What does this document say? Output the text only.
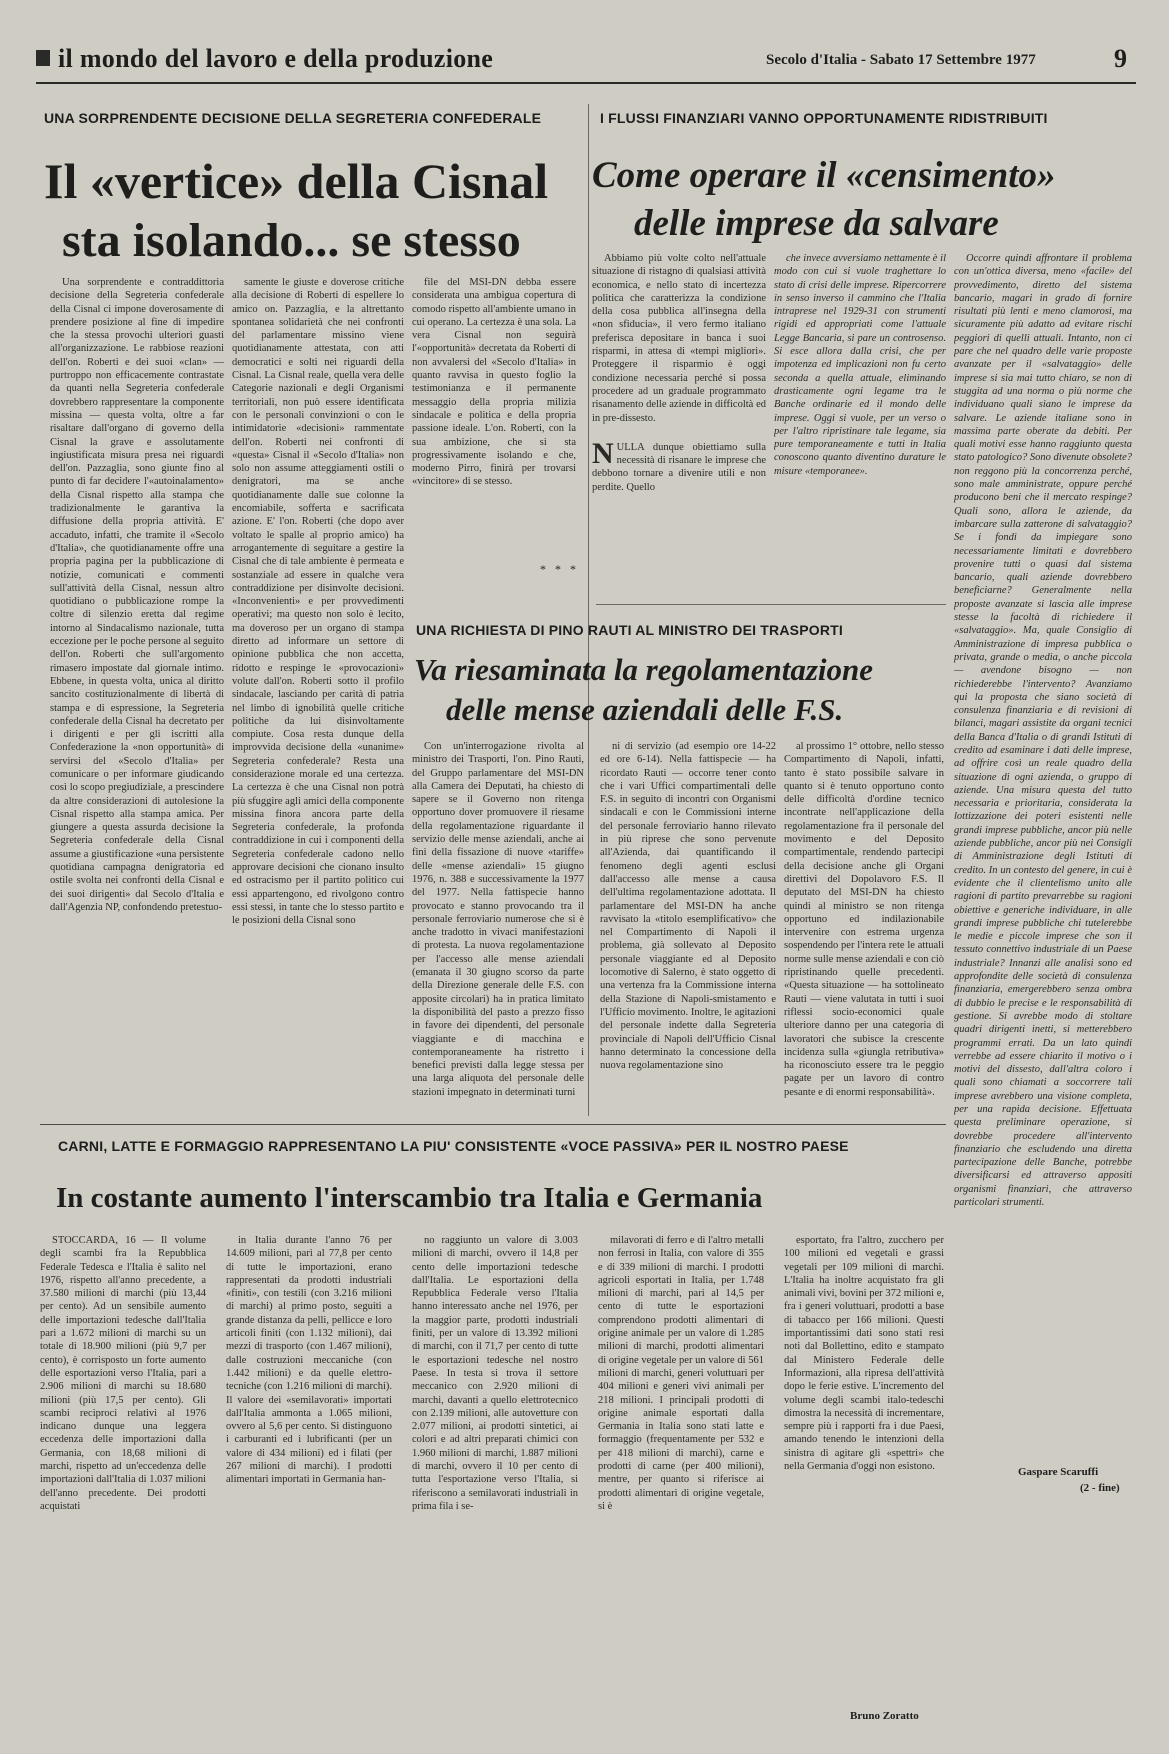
il mondo del lavoro e della produzione	Secolo d'Italia - Sabato 17 Settembre 1977	9
UNA SORPRENDENTE DECISIONE DELLA SEGRETERIA CONFEDERALE
Il «vertice» della Cisnal
sta isolando... se stesso

Una sorprendente e contraddittoria decisione della Segreteria confederale della Cisnal ci impone doverosamente di prendere posizione al fine di impedire che la stessa provochi ulteriori guasti all'organizzazione. Le rabbiose reazioni dell'on. Roberti e dei suoi «clan» — purtroppo non efficacemente contrastate da quanti nella Segreteria confederale dovrebbero rappresentare la componente missina — questa volta, oltre a far risaltare dall'organo di governo della Cisnal la grave e assolutamente ingiustificata misura presa nei riguardi dell'on. Pazzaglia, sono giunte fino al punto di far decidere l'«autoinalamento» della Cisnal rispetto alla stampa che tradizionalmente le garantiva la diffusione della propria attività. E' accaduto, infatti, che tramite il «Secolo d'Italia», che quotidianamente offre una propria pagina per la pubblicazione di notizie, comunicati e commenti sull'attività della Cisnal, nessun altro quotidiano o pubblicazione rompe la coltre di silenzio eretta dal regime intorno al Sindacalismo nazionale, tutta eccezione per le poche persone al seguito dell'on. Roberti che sull'argomento rimasero impostate dal giornale intimo. Ebbene, in questa volta, unica al diritto sancito costituzionalmente di libertà di stampa e di espressione, la Segreteria confederale della Cisnal ha decretato per i dirigenti e per gli iscritti alla Confederazione la «non opportunità» di servirsi del «Secolo d'Italia» per comunicare o per informare giudicando così lo scopo pregiudiziale, a prescindere da altre considerazioni di autolesione la Cisnal rispetto alla stampa amica. Per giungere a questa assurda decisione la Segreteria confederale della Cisnal assume a giustificazione «una persistente quotidiana campagna denigratoria ed ostile svolta nei confronti della Cisnal e dei suoi dirigenti» dal Secolo d'Italia e dall'Agenzia NP, confondendo pretestuo-

samente le giuste e doverose critiche alla decisione di Roberti di espellere lo amico on. Pazzaglia, e la altrettanto spontanea solidarietà che nei confronti del parlamentare missino viene quotidianamente attestata, con atti democratici e solti nei riguardi della Cisnal. La Cisnal reale, quella vera delle Categorie nazionali e degli Organismi territoriali, non può essere identificata con le personali convinzioni o con le intimidatorie «decisioni» rammentate dell'on. Roberti nei confronti di «questa» Cisnal il «Secolo d'Italia» non solo non assume atteggiamenti ostili o denigratori, ma se anche quotidianamente dalle sue colonne la encomiabile, sofferta e sacrificata azione. E' l'on. Roberti (che dopo aver voltato le spalle al proprio amico) ha arrogantemente di seguitare a gestire la Cisnal che di tale ambiente è permeata e sostanziale ad essere in qualche vera contraddizione per disinvolte decisioni. «Inconvenienti» e per provvedimenti operativi; ma questo non solo è lecito, ma doveroso per un organo di stampa diretto ad informare un settore di opinione pubblica che non accetta, ridotto e respinge le «provocazioni» volute dall'on. Roberti sotto il profilo sindacale, lasciando per carità di patria nel limbo di ignobilità quelle critiche politiche da lui disinvoltamente compiute. Cosa resta dunque della improvvida decisione della «unanime» Segreteria confederale? Resta una considerazione morale ed una certezza. La certezza è che una Cisnal non potrà più sfuggire agli amici della componente missina finora ancora parte della Segreteria confederale, la profonda contraddizione in cui i componenti della Segreteria confederale cadono nello approvare decisioni che cionano insulto ed ostracismo per il partito politico cui essi appartengono, ed rivolgono contro essi stessi, in tante che lo stesso partito e le posizioni della Cisnal sono

file del MSI-DN debba essere considerata una ambigua copertura di comodo rispetto all'ambiente umano in cui operano. La certezza è una sola. La vera Cisnal non seguirà l'«opportunità» decretata da Roberti di non avvalersi del «Secolo d'Italia» in quanto ravvisa in questo foglio la testimonianza e il permanente messaggio della propria milizia sindacale e politica e della propria passione ideale. L'on. Roberti, con la sua ambizione, che si sta progressivamente isolando e che, moderno Pirro, finirà per trovarsi «vincitore» di se stesso.

* * *
I FLUSSI FINANZIARI VANNO OPPORTUNAMENTE RIDISTRIBUITI
Come operare il «censimento»
delle imprese da salvare

Abbiamo più volte colto nell'attuale situazione di ristagno di qualsiasi attività economica, e nello stato di incertezza politica che caratterizza la condizione della cosa pubblica all'insegna della «non sfiducia», il vero fermo italiano preferisca depositare in banca i suoi risparmi, in attesa di «tempi migliori». Proteggere il risparmio è oggi condizione necessaria perché si possa procedere ad un graduale programmato risanamento delle aziende in difficoltà ed in pre-dissesto.

NULLA dunque obiettiamo sulla necessità di risanare le imprese che debbono tornare a divenire utili e non perdite. Quello

che invece avversiamo nettamente è il modo con cui si vuole traghettare lo stato di crisi delle imprese. Ripercorrere in senso inverso il cammino che l'Italia intraprese nel 1929-31 con strumenti rigidi ed appropriati come l'attuale Legge Bancaria, si pare un controsenso. Si esce allora dalla crisi, che per impotenza ed implicazioni non fu certo seconda a quella attuale, eliminando drasticamente ogni legame tra le Banche ordinarie ed il mondo delle imprese. Oggi si vuole, per un verso o per l'altro ripristinare tale legame, sia pure temporaneamente e tutti in Italia conoscono quanto diventino durature le misure «temporanee».

Occorre quindi affrontare il problema con un'ottica diversa, meno «facile» del provvedimento, diretto del sistema bancario, magari in grado di fornire risultati più lenti e meno clamorosi, ma sicuramente più adatto ad evitare rischi peggiori di quelli attuali. Intanto, non ci pare che nel quadro delle varie proposte avanzate per il «salvataggio» delle imprese si sia mai tutto chiaro, se non di stuggita ad una norma o più norme che individuano quali siano le imprese da salvare. Le aziende italiane sono in massima parte oberate da debiti. Per quali motivi esse hanno raggiunto questa stato patologico? Sono divenute obsolete? non reggono più la concorrenza perché, sono male amministrate, oppure perché producono beni che il mercato respinge? Quali sono, allora le aziende, da imbarcare sulla zatterone di salvataggio? Se i fondi da impiegare sono necessariamente limitati e dovrebbero provenire tutti o quasi dal sistema bancario, quali aziende dovrebbero beneficiarne? Generalmente nella proposte avanzate si lascia alle imprese stesse la facoltà di richiedere il «salvataggio». Ma, quale Consiglio di Amministrazione di impresa pubblica o privata, grande o media, o anche piccola — avendone bisogno — non richiederebbe l'intervento? Avanziamo qui la proposta che siano società di consulenza finanziaria e di revisioni di bilanci, magari assistite da organi tecnici della Banca d'Italia o di grandi Istituti di credito ad esaminare i dati delle imprese, ad offrire così un reale quadro della situazione di ogni azienda, o gruppo di aziende. Una misura questa del tutto necessaria e prioritaria, considerata la lottizzazione dei poteri esistenti nelle grandi imprese pubbliche, ancor più nelle aziende pubbliche, ancor più nei Consigli di Amministrazione degli Istituti di credito. In un contesto del genere, in cui è evidente che il clientelismo unito alle ragioni di partito prevarrebbe su ragioni obiettive e generiche individuare, in alle grandi imprese pubbliche chi tutelerebbe le medie e piccole imprese che son il tessuto connettivo industriale di un Paese industriale? Innanzi alle analisi sono ed approfondite delle società di consulenza finanziaria, emergerebbero senza ombra di dubbio le precise e le responsabilità di gestione. Si avrebbe modo di stoltare quadri dirigenti inetti, si metterebbero programmi errati. Da un lato quindi verrebbe ad essere chiarito il motivo o i motivi del dissesto, dall'altra coloro i quali sono chiamati a soccorrere tali imprese avrebbero una visione completa, per una rapida decisione. Effettuata questa preliminare operazione, si dovrebbe procedere all'intervento finanziario che escludendo una diretta partecipazione delle Banche, potrebbe diversificarsi ed attraverso appositi organismi finanziari, che attraverso particolari strumenti.

Gaspare Scaruffi
(2 - fine)
UNA RICHIESTA DI PINO RAUTI AL MINISTRO DEI TRASPORTI
Va riesaminata la regolamentazione
delle mense aziendali delle F.S.

Con un'interrogazione rivolta al ministro dei Trasporti, l'on. Pino Rauti, del Gruppo parlamentare del MSI-DN alla Camera dei Deputati, ha chiesto di sapere se il Governo non ritenga opportuno dover promuovere il riesame della regolamentazione riguardante il servizio delle mense aziendali, anche ai fini della fissazione di nuove «tariffe» delle «mense aziendali» 15 giugno 1976, n. 388 e successivamente la 1977 del 1977. Nella fattispecie hanno provocato e stanno provocando tra il personale ferroviario numerose che si è anche tradotto in vivaci manifestazioni di protesta. La nuova regolamentazione per l'accesso alle mense aziendali (emanata il 30 giugno scorso da parte della Direzione generale delle F.S. con apposite circolari) ha in pratica limitato la disponibilità del pasto a prezzo fisso in favore dei dipendenti, del personale viaggiante e di macchina e contemporaneamente ha ristretto i benefici previsti dalla legge stessa per una larga aliquota del personale delle stazioni impegnato in determinati turni

ni di servizio (ad esempio ore 14-22 ed ore 6-14). Nella fattispecie — ha ricordato Rauti — occorre tener conto che i vari Uffici compartimentali delle F.S. in seguito di incontri con Organismi sindacali e con le Commissioni interne del personale ferroviario hanno rilevato in più riprese che sono pervenute all'Azienda, dai quantificando il fenomeno degli agenti esclusi dall'accesso alle mense a causa dell'ultima regolamentazione adottata. Il parlamentare del MSI-DN ha anche ravvisato la «titolo esemplificativo» che nel Compartimento di Napoli il problema, già sollevato al Deposito personale viaggiante ed al Deposito locomotive di Salerno, è stato oggetto di una vertenza fra la Commissione interna della Stazione di Napoli-smistamento e l'Ufficio movimento. Inoltre, le agitazioni del personale indette dalla Segreteria provinciale di Napoli dell'Ufficio Cisnal hanno determinato la concessione della nuova regolamentazione sino

al prossimo 1° ottobre, nello stesso Compartimento di Napoli, infatti, tanto è stato possibile salvare in quanto si è tenuto opportuno conto delle difficoltà d'ordine tecnico incontrate nell'applicazione della regolamentazione fra il personale del movimento e del Deposito compartimentale, rendendo partecipi della decisione anche gli Organi direttivi del Dopolavoro F.S. Il deputato del MSI-DN ha chiesto quindi al ministro se non ritenga opportuno ed indilazionabile intervenire con estrema urgenza sospendendo per l'intera rete le attuali norme sulle mense aziendali e con ciò ripristinando quelle precedenti. «Questa situazione — ha sottolineato Rauti — viene valutata in tutti i suoi riflessi socio-economici quale ulteriore danno per una categoria di lavoratori che subisce la crescente incidenza sulla «giungla retributiva» ha riconosciuto essere tra le peggio pagate per un lavoro di contro pesante e di enormi responsabilità».

CARNI, LATTE E FORMAGGIO RAPPRESENTANO LA PIU' CONSISTENTE «VOCE PASSIVA» PER IL NOSTRO PAESE
In costante aumento l'interscambio tra Italia e Germania

STOCCARDA, 16 — Il volume degli scambi fra la Repubblica Federale Tedesca e l'Italia è salito nel 1976, rispetto all'anno precedente, a 37.580 milioni di marchi (più 13,44 per cento). Ad un sensibile aumento delle importazioni tedesche dall'Italia pari a 1.672 milioni di marchi su un totale di 18.900 milioni (più 9,7 per cento), è corrisposto un forte aumento delle esportazioni verso l'Italia, pari a 2.906 milioni di marchi su 18.680 milioni (più 17,5 per cento). Gli scambi reciproci relativi al 1976 indicano dunque una leggera eccedenza delle importazioni dalla Germania, con 18,68 milioni di marchi, rispetto ad un'eccedenza delle importazioni dall'Italia di 1.037 milioni dell'anno precedente. Dei prodotti acquistati

in Italia durante l'anno 76 per 14.609 milioni, pari al 77,8 per cento di tutte le importazioni, erano rappresentati da prodotti industriali «finiti», con testili (con 3.216 milioni di marchi) al primo posto, seguiti a grande distanza da pelli, pellicce e loro articoli finiti (con 1.132 milioni), dai mezzi di trasporto (con 1.467 milioni), dalle costruzioni meccaniche (con 1.442 milioni) e da quelle elettro-tecniche (con 1.216 milioni di marchi). Il valore dei «semilavorati» importati dall'Italia ammonta a 1.065 milioni, ovvero al 5,6 per cento. Si distinguono i carburanti ed i lubrificanti (per un valore di 434 milioni) ed i filati (per 267 milioni di marchi). I prodotti alimentari importati in Germania han-

no raggiunto un valore di 3.003 milioni di marchi, ovvero il 14,8 per cento delle importazioni tedesche dall'Italia. Le esportazioni della Repubblica Federale verso l'Italia hanno interessato anche nel 1976, per la maggior parte, prodotti industriali finiti, per un valore di 13.392 milioni di marchi, con il 71,7 per cento di tutte le esportazioni tedesche nel nostro Paese. In testa si trova il settore meccanico con 2.920 milioni di marchi, davanti a quello elettrotecnico con 2.139 milioni, alle autovetture con 2.077 milioni, ai prodotti sintetici, ai colori e ad altri preparati chimici con 1.960 milioni di marchi, 1.887 milioni di marchi, ovvero il 10 per cento di tutta l'esportazione verso l'Italia, si riferiscono a semilavorati industriali in prima fila i se-

milavorati di ferro e di l'altro metalli non ferrosi in Italia, con valore di 355 e di 339 milioni di marchi. I prodotti agricoli esportati in Italia, per 1.748 milioni di marchi, pari al 14,5 per cento di tutte le esportazioni comprendono prodotti alimentari di origine animale per un valore di 1.285 milioni di marchi, prodotti alimentari di origine vegetale per un valore di 561 milioni di marchi, generi voluttuari per 404 milioni e generi vivi animali per 218 milioni. I principali prodotti di origine animale esportati dalla Germania in Italia sono stati latte e formaggio (frequentamente per 532 e per 418 milioni di marchi), carne e prodotti di carne (per 400 milioni), mentre, per quanto si riferisce ai prodotti alimentari di origine vegetale, si è

esportato, fra l'altro, zucchero per 100 milioni ed vegetali e grassi vegetali per 109 milioni di marchi. L'Italia ha inoltre acquistato fra gli animali vivi, bovini per 372 milioni e, fra i generi voluttuari, prodotti a base di tabacco per 166 milioni. Questi importantissimi dati sono stati resi noti dal Bollettino, edito e stampato dal Ministero Federale delle Informazioni, alla ripresa dell'attività dopo le ferie estive. L'incremento del volume degli scambi italo-tedeschi dimostra la necessità di incrementare, sempre più i rapporti fra i due Paesi, amando tenendo le intenzioni della sinistra di agitare gli «spettri» che nella Germania d'oggi non esistono.

Bruno Zoratto
